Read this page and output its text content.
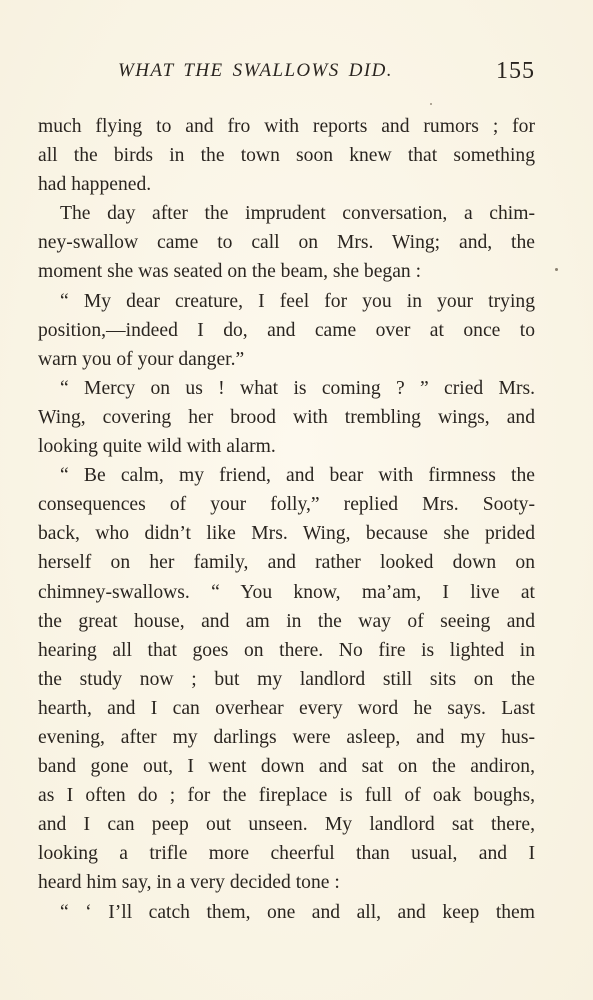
WHAT THE SWALLOWS DID.	155
much flying to and fro with reports and rumors ; for
all the birds in the town soon knew that something
had happened.
The day after the imprudent conversation, a chim-
ney-swallow came to call on Mrs. Wing; and, the
moment she was seated on the beam, she began :
“ My dear creature, I feel for you in your trying
position,—indeed I do, and came over at once to
warn you of your danger.”
“ Mercy on us ! what is coming ? ” cried Mrs.
Wing, covering her brood with trembling wings, and
looking quite wild with alarm.
“ Be calm, my friend, and bear with firmness the
consequences of your folly,” replied Mrs. Sooty-
back, who didn’t like Mrs. Wing, because she prided
herself on her family, and rather looked down on
chimney-swallows. “ You know, ma’am, I live at
the great house, and am in the way of seeing and
hearing all that goes on there. No fire is lighted in
the study now ; but my landlord still sits on the
hearth, and I can overhear every word he says. Last
evening, after my darlings were asleep, and my hus-
band gone out, I went down and sat on the andiron,
as I often do ; for the fireplace is full of oak boughs,
and I can peep out unseen. My landlord sat there,
looking a trifle more cheerful than usual, and I
heard him say, in a very decided tone :
“ ‘ I’ll catch them, one and all, and keep them
